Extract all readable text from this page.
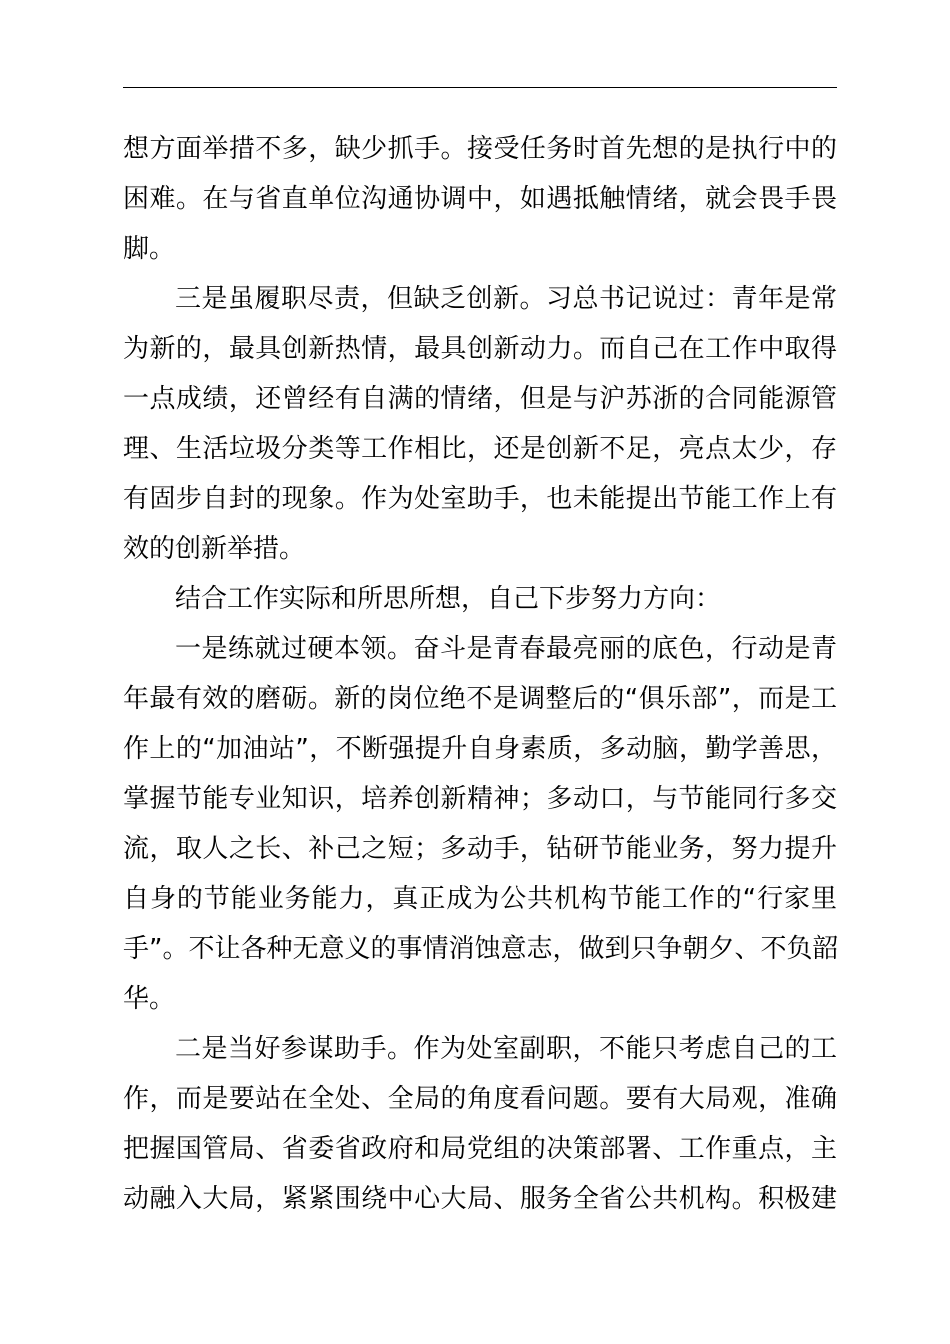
想方面举措不多，缺少抓手。接受任务时首先想的是执行中的
困难。在与省直单位沟通协调中，如遇抵触情绪，就会畏手畏
脚。
三是虽履职尽责，但缺乏创新。习总书记说过：青年是常
为新的，最具创新热情，最具创新动力。而自己在工作中取得
一点成绩，还曾经有自满的情绪，但是与沪苏浙的合同能源管
理、生活垃圾分类等工作相比，还是创新不足，亮点太少，存
有固步自封的现象。作为处室助手，也未能提出节能工作上有
效的创新举措。
结合工作实际和所思所想，自己下步努力方向：
一是练就过硬本领。奋斗是青春最亮丽的底色，行动是青
年最有效的磨砺。新的岗位绝不是调整后的“俱乐部”，而是工
作上的“加油站”，不断强提升自身素质，多动脑，勤学善思，
掌握节能专业知识，培养创新精神；多动口，与节能同行多交
流，取人之长、补己之短；多动手，钻研节能业务，努力提升
自身的节能业务能力，真正成为公共机构节能工作的“行家里
手”。不让各种无意义的事情消蚀意志，做到只争朝夕、不负韶
华。
二是当好参谋助手。作为处室副职，不能只考虑自己的工
作，而是要站在全处、全局的角度看问题。要有大局观，准确
把握国管局、省委省政府和局党组的决策部署、工作重点，主
动融入大局，紧紧围绕中心大局、服务全省公共机构。积极建
